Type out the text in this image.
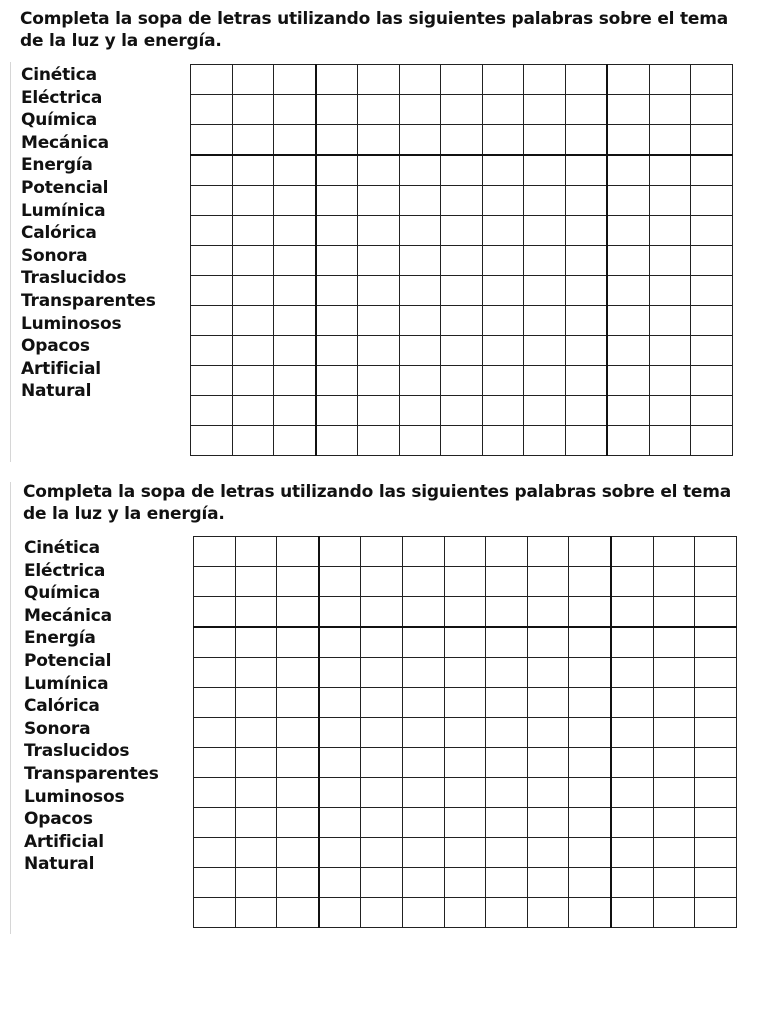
Completa la sopa de letras utilizando las siguientes palabras sobre el tema de la luz y la energía.

Cinética
Eléctrica
Química
Mecánica
Energía
Potencial
Lumínica
Calórica
Sonora
Traslucidos
Transparentes
Luminosos
Opacos
Artificial
Natural

Completa la sopa de letras utilizando las siguientes palabras sobre el tema de la luz y la energía.

Cinética
Eléctrica
Química
Mecánica
Energía
Potencial
Lumínica
Calórica
Sonora
Traslucidos
Transparentes
Luminosos
Opacos
Artificial
Natural
